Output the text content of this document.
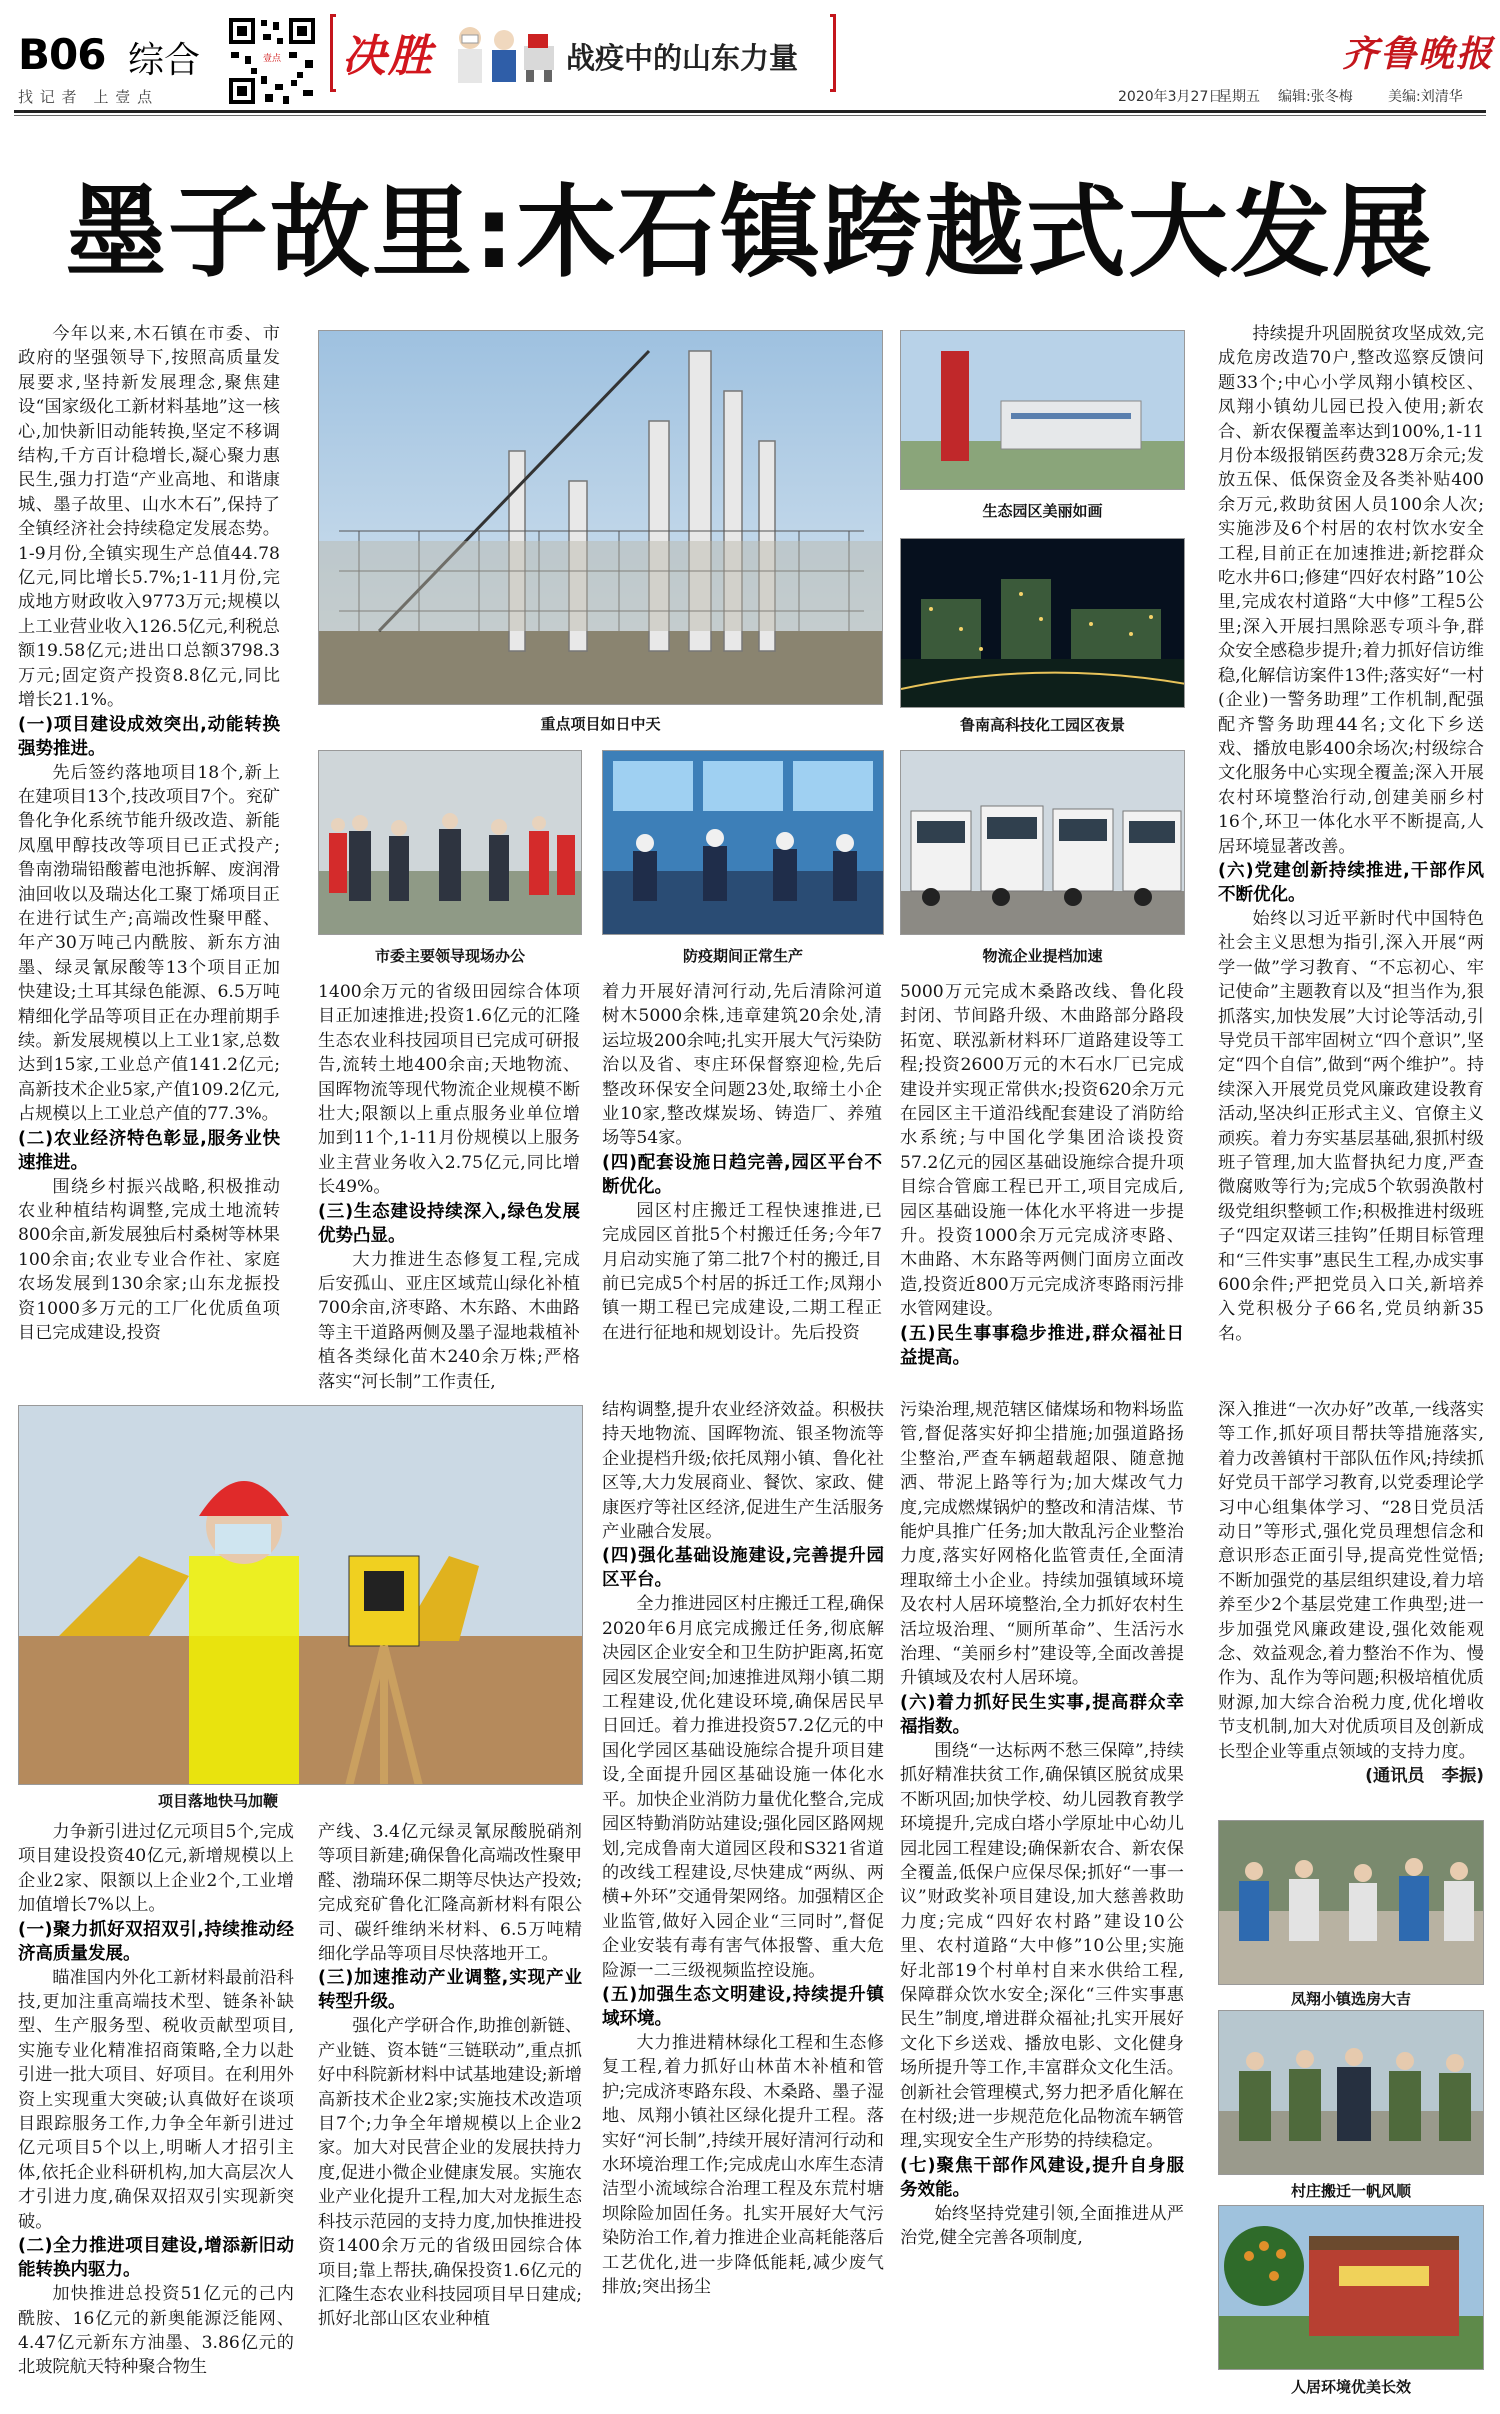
B06 综合
找 记 者　上 壹 点
壹点 决胜	战疫中的山东力量	齐鲁晚报
2020年3月27日
星期五 编辑:张冬梅	美编:刘清华
墨子故里:木石镇跨越式大发展

今年以来,木石镇在市委、市政府的坚强领导下,按照高质量发展要求,坚持新发展理念,聚焦建设“国家级化工新材料基地”这一核心,加快新旧动能转换,坚定不移调结构,千方百计稳增长,凝心聚力惠民生,强力打造“产业高地、和谐康城、墨子故里、山水木石”,保持了全镇经济社会持续稳定发展态势。1-9月份,全镇实现生产总值44.78亿元,同比增长5.7%;1-11月份,完成地方财政收入9773万元;规模以上工业营业收入126.5亿元,利税总额19.58亿元;进出口总额3798.3万元;固定资产投资8.8亿元,同比增长21.1%。

(一)项目建设成效突出,动能转换强势推进。

先后签约落地项目18个,新上在建项目13个,技改项目7个。兖矿鲁化争化系统节能升级改造、新能凤凰甲醇技改等项目已正式投产;鲁南渤瑞铅酸蓄电池拆解、废润滑油回收以及瑞达化工聚丁烯项目正在进行试生产;高端改性聚甲醛、年产30万吨己内酰胺、新东方油墨、绿灵氰尿酸等13个项目正加快建设;土耳其绿色能源、6.5万吨精细化学品等项目正在办理前期手续。新发展规模以上工业1家,总数达到15家,工业总产值141.2亿元;高新技术企业5家,产值109.2亿元,占规模以上工业总产值的77.3%。

(二)农业经济特色彰显,服务业快速推进。

围绕乡村振兴战略,积极推动农业种植结构调整,完成土地流转800余亩,新发展独后村桑树等林果100余亩;农业专业合作社、家庭农场发展到130余家;山东龙振投资1000多万元的工厂化优质鱼项目已完成建设,投资

1400余万元的省级田园综合体项目正加速推进;投资1.6亿元的汇隆生态农业科技园项目已完成可研报告,流转土地400余亩;天地物流、国晖物流等现代物流企业规模不断壮大;限额以上重点服务业单位增加到11个,1-11月份规模以上服务业主营业务收入2.75亿元,同比增长49%。

(三)生态建设持续深入,绿色发展优势凸显。

大力推进生态修复工程,完成后安孤山、亚庄区域荒山绿化补植700余亩,济枣路、木东路、木曲路等主干道路两侧及墨子湿地栽植补植各类绿化苗木240余万株;严格落实“河长制”工作责任,

着力开展好清河行动,先后清除河道树木5000余株,违章建筑20余处,清运垃圾200余吨;扎实开展大气污染防治以及省、枣庄环保督察迎检,先后整改环保安全问题23处,取缔土小企业10家,整改煤炭场、铸造厂、养殖场等54家。

(四)配套设施日趋完善,园区平台不断优化。

园区村庄搬迁工程快速推进,已完成园区首批5个村搬迁任务;今年7月启动实施了第二批7个村的搬迁,目前已完成5个村居的拆迁工作;凤翔小镇一期工程已完成建设,二期工程正在进行征地和规划设计。先后投资

5000万元完成木桑路改线、鲁化段封闭、节间路升级、木曲路部分路段拓宽、联泓新材料环厂道路建设等工程;投资2600万元的木石水厂已完成建设并实现正常供水;投资620余万元在园区主干道沿线配套建设了消防给水系统;与中国化学集团洽谈投资57.2亿元的园区基础设施综合提升项目综合管廊工程已开工,项目完成后,园区基础设施一体化水平将进一步提升。投资1000余万元完成济枣路、木曲路、木东路等两侧门面房立面改造,投资近800万元完成济枣路雨污排水管网建设。

(五)民生事事稳步推进,群众福祉日益提高。

持续提升巩固脱贫攻坚成效,完成危房改造70户,整改巡察反馈问题33个;中心小学凤翔小镇校区、凤翔小镇幼儿园已投入使用;新农合、新农保覆盖率达到100%,1-11月份本级报销医药费328万余元;发放五保、低保资金及各类补贴400余万元,救助贫困人员100余人次;实施涉及6个村居的农村饮水安全工程,目前正在加速推进;新挖群众吃水井6口;修建“四好农村路”10公里,完成农村道路“大中修”工程5公里;深入开展扫黑除恶专项斗争,群众安全感稳步提升;着力抓好信访维稳,化解信访案件13件;落实好“一村(企业)一警务助理”工作机制,配强配齐警务助理44名;文化下乡送戏、播放电影400余场次;村级综合文化服务中心实现全覆盖;深入开展农村环境整治行动,创建美丽乡村16个,环卫一体化水平不断提高,人居环境显著改善。

(六)党建创新持续推进,干部作风不断优化。

始终以习近平新时代中国特色社会主义思想为指引,深入开展“两学一做”学习教育、“不忘初心、牢记使命”主题教育以及“担当作为,狠抓落实,加快发展”大讨论等活动,引导党员干部牢固树立“四个意识”,坚定“四个自信”,做到“两个维护”。持续深入开展党员党风廉政建设教育活动,坚决纠正形式主义、官僚主义顽疾。着力夯实基层基础,狠抓村级班子管理,加大监督执纪力度,严查微腐败等行为;完成5个软弱涣散村级党组织整顿工作;积极推进村级班子“四定双诺三挂钩”任期目标管理和“三件实事”惠民生工程,办成实事600余件;严把党员入口关,新培养入党积极分子66名,党员纳新35名。

力争新引进过亿元项目5个,完成项目建设投资40亿元,新增规模以上企业2家、限额以上企业2个,工业增加值增长7%以上。

(一)聚力抓好双招双引,持续推动经济高质量发展。

瞄准国内外化工新材料最前沿科技,更加注重高端技术型、链条补缺型、生产服务型、税收贡献型项目,实施专业化精准招商策略,全力以赴引进一批大项目、好项目。在利用外资上实现重大突破;认真做好在谈项目跟踪服务工作,力争全年新引进过亿元项目5个以上,明晰人才招引主体,依托企业科研机构,加大高层次人才引进力度,确保双招双引实现新突破。

(二)全力推进项目建设,增添新旧动能转换内驱力。

加快推进总投资51亿元的己内酰胺、16亿元的新奥能源泛能网、4.47亿元新东方油墨、3.86亿元的北玻院航天特种聚合物生

产线、3.4亿元绿灵氰尿酸脱硝剂等项目新建;确保鲁化高端改性聚甲醛、渤瑞环保二期等尽快达产投效;完成兖矿鲁化汇隆高新材料有限公司、碳纤维纳米材料、6.5万吨精细化学品等项目尽快落地开工。

(三)加速推动产业调整,实现产业转型升级。

强化产学研合作,助推创新链、产业链、资本链“三链联动”,重点抓好中科院新材料中试基地建设;新增高新技术企业2家;实施技术改造项目7个;力争全年增规模以上企业2家。加大对民营企业的发展扶持力度,促进小微企业健康发展。实施农业产业化提升工程,加大对龙振生态科技示范园的支持力度,加快推进投资1400余万元的省级田园综合体项目;靠上帮扶,确保投资1.6亿元的汇隆生态农业科技园项目早日建成;抓好北部山区农业种植

结构调整,提升农业经济效益。积极扶持天地物流、国晖物流、银圣物流等企业提档升级;依托凤翔小镇、鲁化社区等,大力发展商业、餐饮、家政、健康医疗等社区经济,促进生产生活服务产业融合发展。

(四)强化基础设施建设,完善提升园区平台。

全力推进园区村庄搬迁工程,确保2020年6月底完成搬迁任务,彻底解决园区企业安全和卫生防护距离,拓宽园区发展空间;加速推进凤翔小镇二期工程建设,优化建设环境,确保居民早日回迁。着力推进投资57.2亿元的中国化学园区基础设施综合提升项目建设,全面提升园区基础设施一体化水平。加快企业消防力量优化整合,完成园区特勤消防站建设;强化园区路网规划,完成鲁南大道园区段和S321省道的改线工程建设,尽快建成“两纵、两横+外环”交通骨架网络。加强精区企业监管,做好入园企业“三同时”,督促企业安装有毒有害气体报警、重大危险源一二三级视频监控设施。

(五)加强生态文明建设,持续提升镇域环境。

大力推进精林绿化工程和生态修复工程,着力抓好山林苗木补植和管护;完成济枣路东段、木桑路、墨子湿地、凤翔小镇社区绿化提升工程。落实好“河长制”,持续开展好清河行动和水环境治理工作;完成虎山水库生态清洁型小流域综合治理工程及东荒村塘坝除险加固任务。扎实开展好大气污染防治工作,着力推进企业高耗能落后工艺优化,进一步降低能耗,减少废气排放;突出扬尘

污染治理,规范辖区储煤场和物料场监管,督促落实好抑尘措施;加强道路扬尘整治,严查车辆超载超限、随意抛洒、带泥上路等行为;加大煤改气力度,完成燃煤锅炉的整改和清洁煤、节能炉具推广任务;加大散乱污企业整治力度,落实好网格化监管责任,全面清理取缔土小企业。持续加强镇域环境及农村人居环境整治,全力抓好农村生活垃圾治理、“厕所革命”、生活污水治理、“美丽乡村”建设等,全面改善提升镇域及农村人居环境。

(六)着力抓好民生实事,提高群众幸福指数。

围绕“一达标两不愁三保障”,持续抓好精准扶贫工作,确保镇区脱贫成果不断巩固;加快学校、幼儿园教育教学环境提升,完成白塔小学原址中心幼儿园北园工程建设;确保新农合、新农保全覆盖,低保户应保尽保;抓好“一事一议”财政奖补项目建设,加大慈善救助力度;完成“四好农村路”建设10公里、农村道路“大中修”10公里;实施好北部19个村单村自来水供给工程,保障群众饮水安全;深化“三件实事惠民生”制度,增进群众福祉;扎实开展好文化下乡送戏、播放电影、文化健身场所提升等工作,丰富群众文化生活。创新社会管理模式,努力把矛盾化解在在村级;进一步规范危化品物流车辆管理,实现安全生产形势的持续稳定。

(七)聚焦干部作风建设,提升自身服务效能。

始终坚持党建引领,全面推进从严治党,健全完善各项制度,

深入推进“一次办好”改革,一线落实等工作,抓好项目帮扶等措施落实,着力改善镇村干部队伍作风;持续抓好党员干部学习教育,以党委理论学习中心组集体学习、“28日党员活动日”等形式,强化党员理想信念和意识形态正面引导,提高党性觉悟;不断加强党的基层组织建设,着力培养至少2个基层党建工作典型;进一步加强党风廉政建设,强化效能观念、效益观念,着力整治不作为、慢作为、乱作为等问题;积极培植优质财源,加大综合治税力度,优化增收节支机制,加大对优质项目及创新成长型企业等重点领域的支持力度。

(通讯员　李振)

重点项目如日中天
生态园区美丽如画
鲁南高科技化工园区夜景
市委主要领导现场办公	防疫期间正常生产	物流企业提档加速
项目落地快马加鞭
凤翔小镇选房大吉
村庄搬迁一帆风顺
人居环境优美长效
